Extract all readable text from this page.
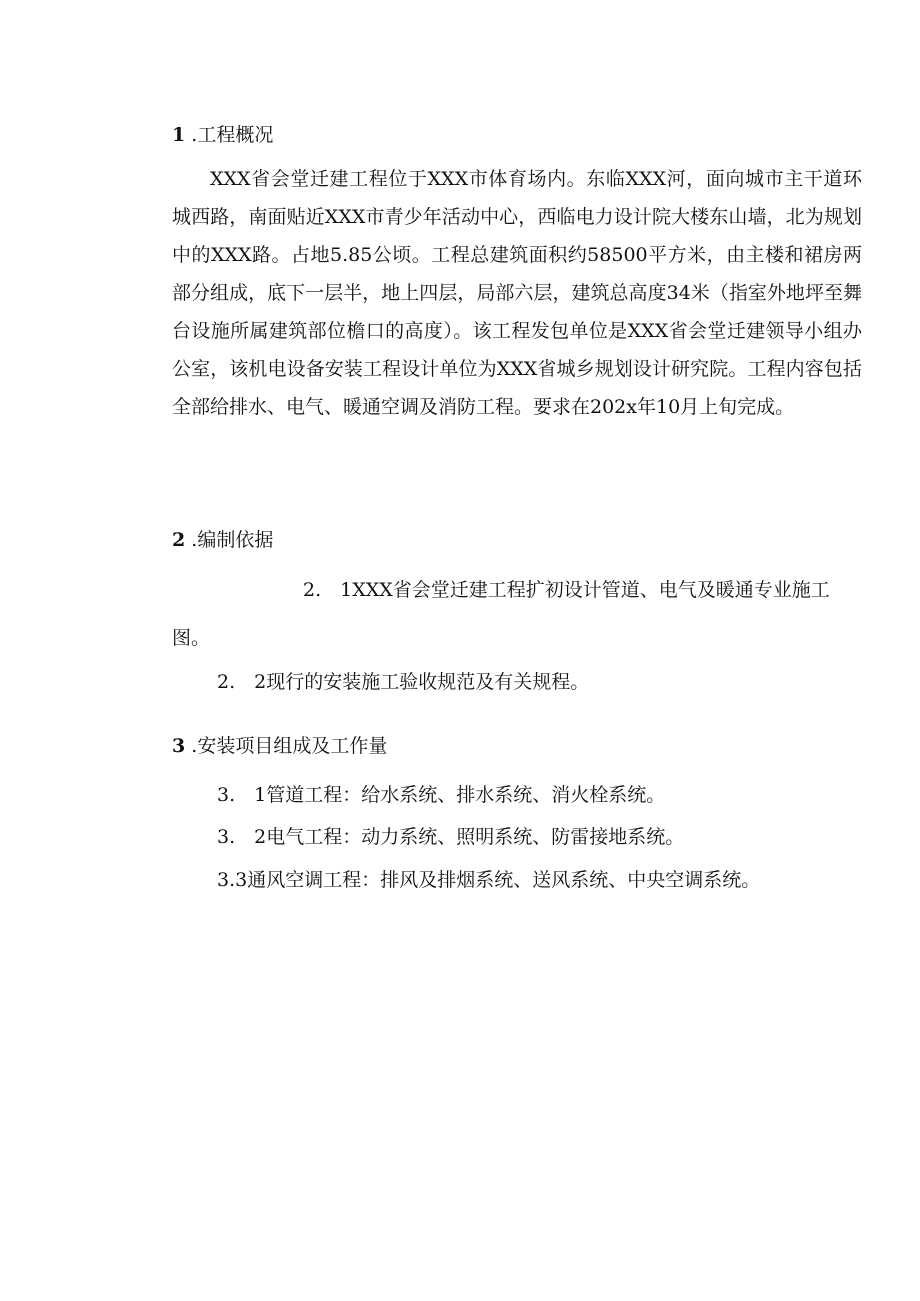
1 .工程概况

XXX省会堂迁建工程位于XXX市体育场内。东临XXX河，面向城市主干道环城西路，南面贴近XXX市青少年活动中心，西临电力设计院大楼东山墙，北为规划中的XXX路。占地5.85公顷。工程总建筑面积约58500平方米，由主楼和裙房两部分组成，底下一层半，地上四层，局部六层，建筑总高度34米（指室外地坪至舞台设施所属建筑部位檐口的高度）。该工程发包单位是XXX省会堂迁建领导小组办公室，该机电设备安装工程设计单位为XXX省城乡规划设计研究院。工程内容包括全部给排水、电气、暖通空调及消防工程。要求在202x年10月上旬完成。

2 .编制依据
2.　1XXX省会堂迁建工程扩初设计管道、电气及暖通专业施工
图。
2.　2现行的安装施工验收规范及有关规程。
3 .安装项目组成及工作量
3.　1管道工程：给水系统、排水系统、消火栓系统。
3.　2电气工程：动力系统、照明系统、防雷接地系统。
3.3通风空调工程：排风及排烟系统、送风系统、中央空调系统。
